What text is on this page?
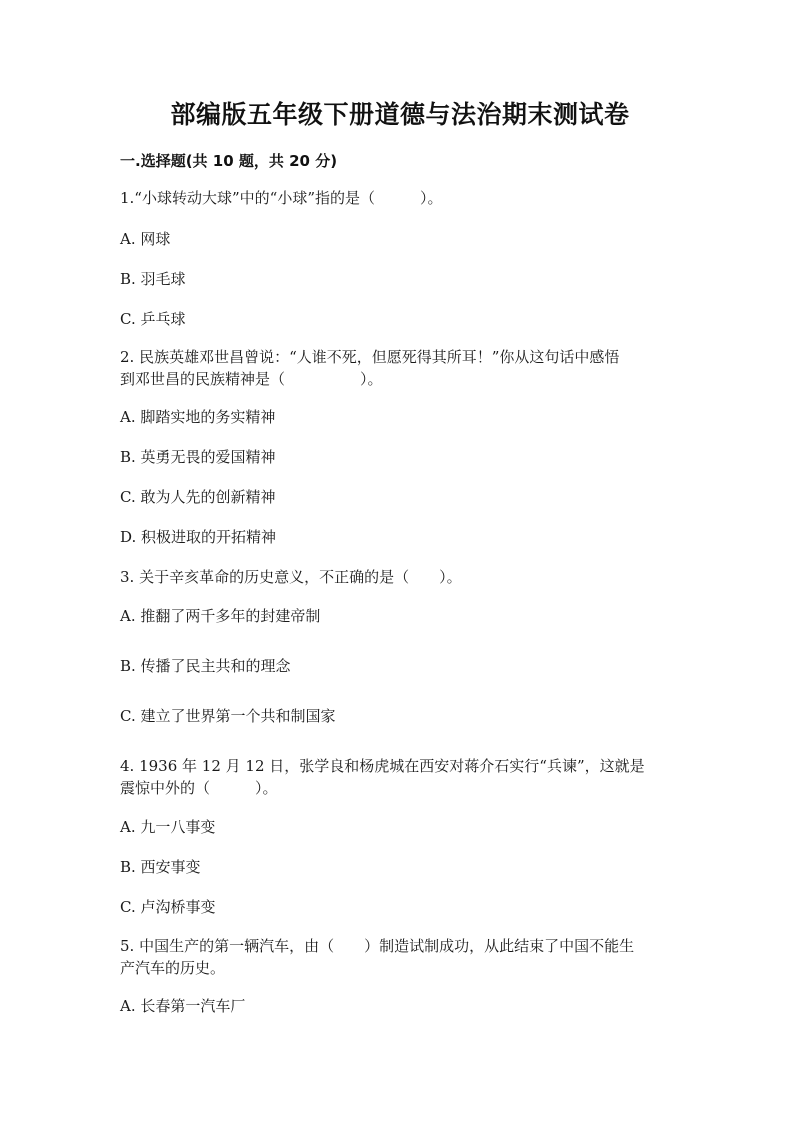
部编版五年级下册道德与法治期末测试卷
一.选择题(共 10 题，共 20 分)
1.“小球转动大球”中的“小球”指的是（　　　）。
A. 网球
B. 羽毛球
C. 乒乓球
2. 民族英雄邓世昌曾说：“人谁不死，但愿死得其所耳！”你从这句话中感悟
到邓世昌的民族精神是（　　　　　）。
A. 脚踏实地的务实精神
B. 英勇无畏的爱国精神
C. 敢为人先的创新精神
D. 积极进取的开拓精神
3. 关于辛亥革命的历史意义，不正确的是（　　）。
A. 推翻了两千多年的封建帝制
B. 传播了民主共和的理念
C. 建立了世界第一个共和制国家
4. 1936 年 12 月 12 日，张学良和杨虎城在西安对蒋介石实行“兵谏”，这就是
震惊中外的（　　　）。
A. 九一八事变
B. 西安事变
C. 卢沟桥事变
5. 中国生产的第一辆汽车，由（　　）制造试制成功，从此结束了中国不能生
产汽车的历史。
A. 长春第一汽车厂
